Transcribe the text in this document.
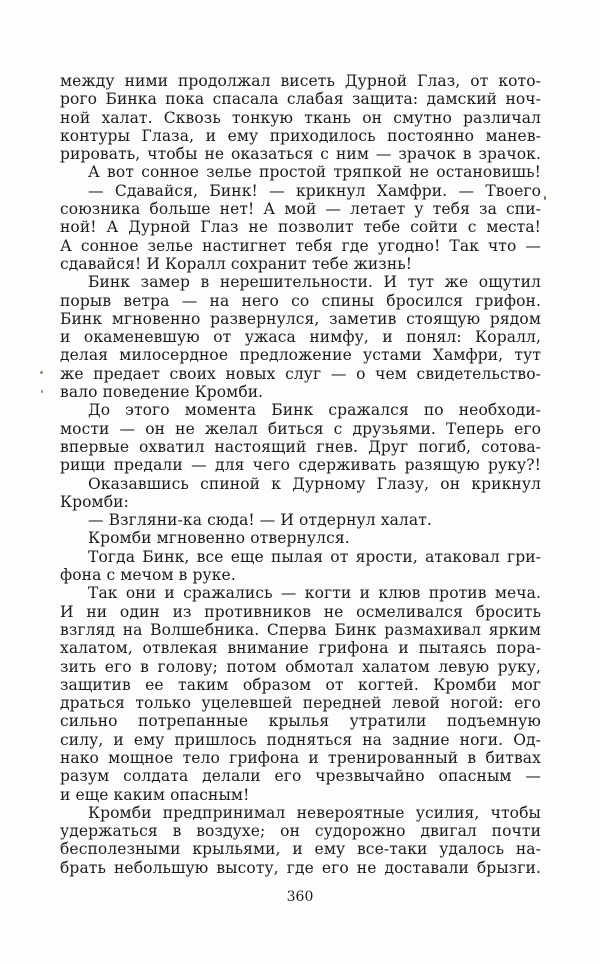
между ними продолжал висеть Дурной Глаз, от кото-
рого Бинка пока спасала слабая защита: дамский ноч-
ной халат. Сквозь тонкую ткань он смутно различал
контуры Глаза, и ему приходилось постоянно манев-
рировать, чтобы не оказаться с ним — зрачок в зрачок.
А вот сонное зелье простой тряпкой не остановишь!
— Сдавайся, Бинк! — крикнул Хамфри. — Твоего
союзника больше нет! А мой — летает у тебя за спи-
ной! А Дурной Глаз не позволит тебе сойти с места!
А сонное зелье настигнет тебя где угодно! Так что —
сдавайся! И Коралл сохранит тебе жизнь!
Бинк замер в нерешительности. И тут же ощутил
порыв ветра — на него со спины бросился грифон.
Бинк мгновенно развернулся, заметив стоящую рядом
и окаменевшую от ужаса нимфу, и понял: Коралл,
делая милосердное предложение устами Хамфри, тут
же предает своих новых слуг — о чем свидетельство-
вало поведение Кромби.
До этого момента Бинк сражался по необходи-
мости — он не желал биться с друзьями. Теперь его
впервые охватил настоящий гнев. Друг погиб, сотова-
рищи предали — для чего сдерживать разящую руку?!
Оказавшись спиной к Дурному Глазу, он крикнул
Кромби:
— Взгляни-ка сюда! — И отдернул халат.
Кромби мгновенно отвернулся.
Тогда Бинк, все еще пылая от ярости, атаковал гри-
фона с мечом в руке.
Так они и сражались — когти и клюв против меча.
И ни один из противников не осмеливался бросить
взгляд на Волшебника. Сперва Бинк размахивал ярким
халатом, отвлекая внимание грифона и пытаясь пора-
зить его в голову; потом обмотал халатом левую руку,
защитив ее таким образом от когтей. Кромби мог
драться только уцелевшей передней левой ногой: его
сильно потрепанные крылья утратили подъемную
силу, и ему пришлось подняться на задние ноги. Од-
нако мощное тело грифона и тренированный в битвах
разум солдата делали его чрезвычайно опасным —
и еще каким опасным!
Кромби предпринимал невероятные усилия, чтобы
удержаться в воздухе; он судорожно двигал почти
бесполезными крыльями, и ему все-таки удалось на-
брать небольшую высоту, где его не доставали брызги.
360
